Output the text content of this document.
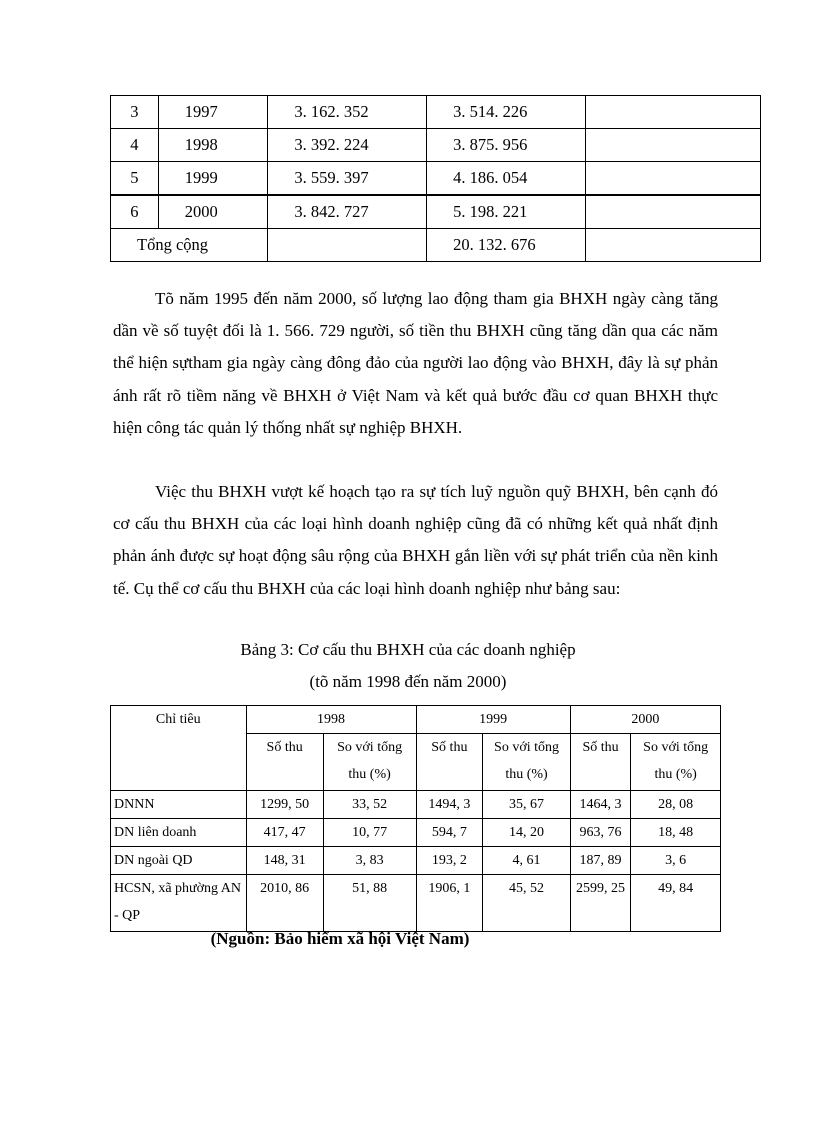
3	1997	3. 162. 352	3. 514. 226	
4	1998	3. 392. 224	3. 875. 956	
5	1999	3. 559. 397	4. 186. 054	
6	2000	3. 842. 727	5. 198. 221	
Tổng cộng			20. 132. 676	

Tõ năm 1995 đến năm 2000, số lượng lao động tham gia BHXH ngày càng tăng dần về số tuyệt đối là 1. 566. 729 người, số tiền thu BHXH cũng tăng dần qua các năm thể hiện sựtham gia ngày càng đông đảo của người lao động vào BHXH, đây là sự phản ánh rất rõ tiềm năng về BHXH ở Việt Nam và kết quả bước đầu cơ quan BHXH thực hiện công tác quản lý thống nhất sự nghiệp BHXH.

Việc thu BHXH vượt kế hoạch tạo ra sự tích luỹ nguồn quỹ BHXH, bên cạnh đó cơ cấu thu BHXH của các loại hình doanh nghiệp cũng đã có những kết quả nhất định phản ánh được sự hoạt động sâu rộng của BHXH gắn liền với sự phát triển của nền kinh tế. Cụ thể cơ cấu thu BHXH của các loại hình doanh nghiệp như bảng sau:

Bảng 3: Cơ cấu thu BHXH của các doanh nghiệp
(tõ năm 1998 đến năm 2000)
Chỉ tiêu	1998		1999		2000	
	Số thu	So với tổng thu (%)	Số thu	So với tổng thu (%)	Số thu	So với tổng thu (%)
DNNN	1299, 50	33, 52	1494, 3	35, 67	1464, 3	28, 08
DN liên doanh	417, 47	10, 77	594, 7	14, 20	963, 76	18, 48
DN ngoài QD	148, 31	3, 83	193, 2	4, 61	187, 89	3, 6
HCSN, xã phường AN - QP	2010, 86	51, 88	1906, 1	45, 52	2599, 25	49, 84
(Nguồn: Bảo hiểm xã hội Việt Nam)
